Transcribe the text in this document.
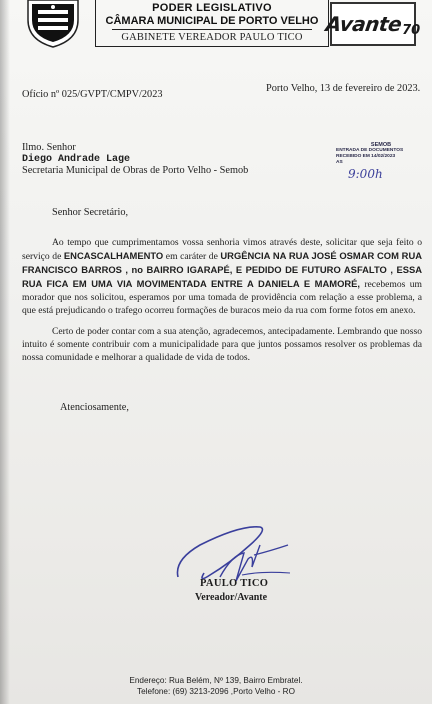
PODER LEGISLATIVO
CÂMARA MUNICIPAL DE PORTO VELHO
GABINETE VEREADOR PAULO TICO
Avante 70
Ofício nº 025/GVPT/CMPV/2023
Porto Velho, 13 de fevereiro de 2023.
Ilmo. Senhor
Diego Andrade Lage
Secretaria Municipal de Obras de Porto Velho - Semob
SEMOB
ENTRADA DE DOCUMENTOS
RECEBIDO EM 14/02/2023
AS
9:00h
Senhor Secretário,
Ao tempo que cumprimentamos vossa senhoria vimos através deste, solicitar que seja feito o serviço de ENCASCALHAMENTO em caráter de URGÊNCIA NA RUA JOSÉ OSMAR COM RUA FRANCISCO BARROS , no BAIRRO IGARAPÉ, E PEDIDO DE FUTURO ASFALTO , ESSA RUA FICA EM UMA VIA MOVIMENTADA ENTRE A DANIELA E MAMORÉ, recebemos um morador que nos solicitou, esperamos por uma tomada de providência com relação a esse problema, a que está prejudicando o trafego ocorreu formações de buracos meio da rua com forme fotos em anexo.
Certo de poder contar com a sua atenção, agradecemos, antecipadamente. Lembrando que nosso intuito é somente contribuir com a municipalidade para que juntos possamos resolver os problemas da nossa comunidade e melhorar a qualidade de vida de todos.
Atenciosamente,
PAULO TICO
Vereador/Avante
Endereço: Rua Belém, Nº 139, Bairro Embratel.
Telefone: (69) 3213-2096 ,Porto Velho - RO
